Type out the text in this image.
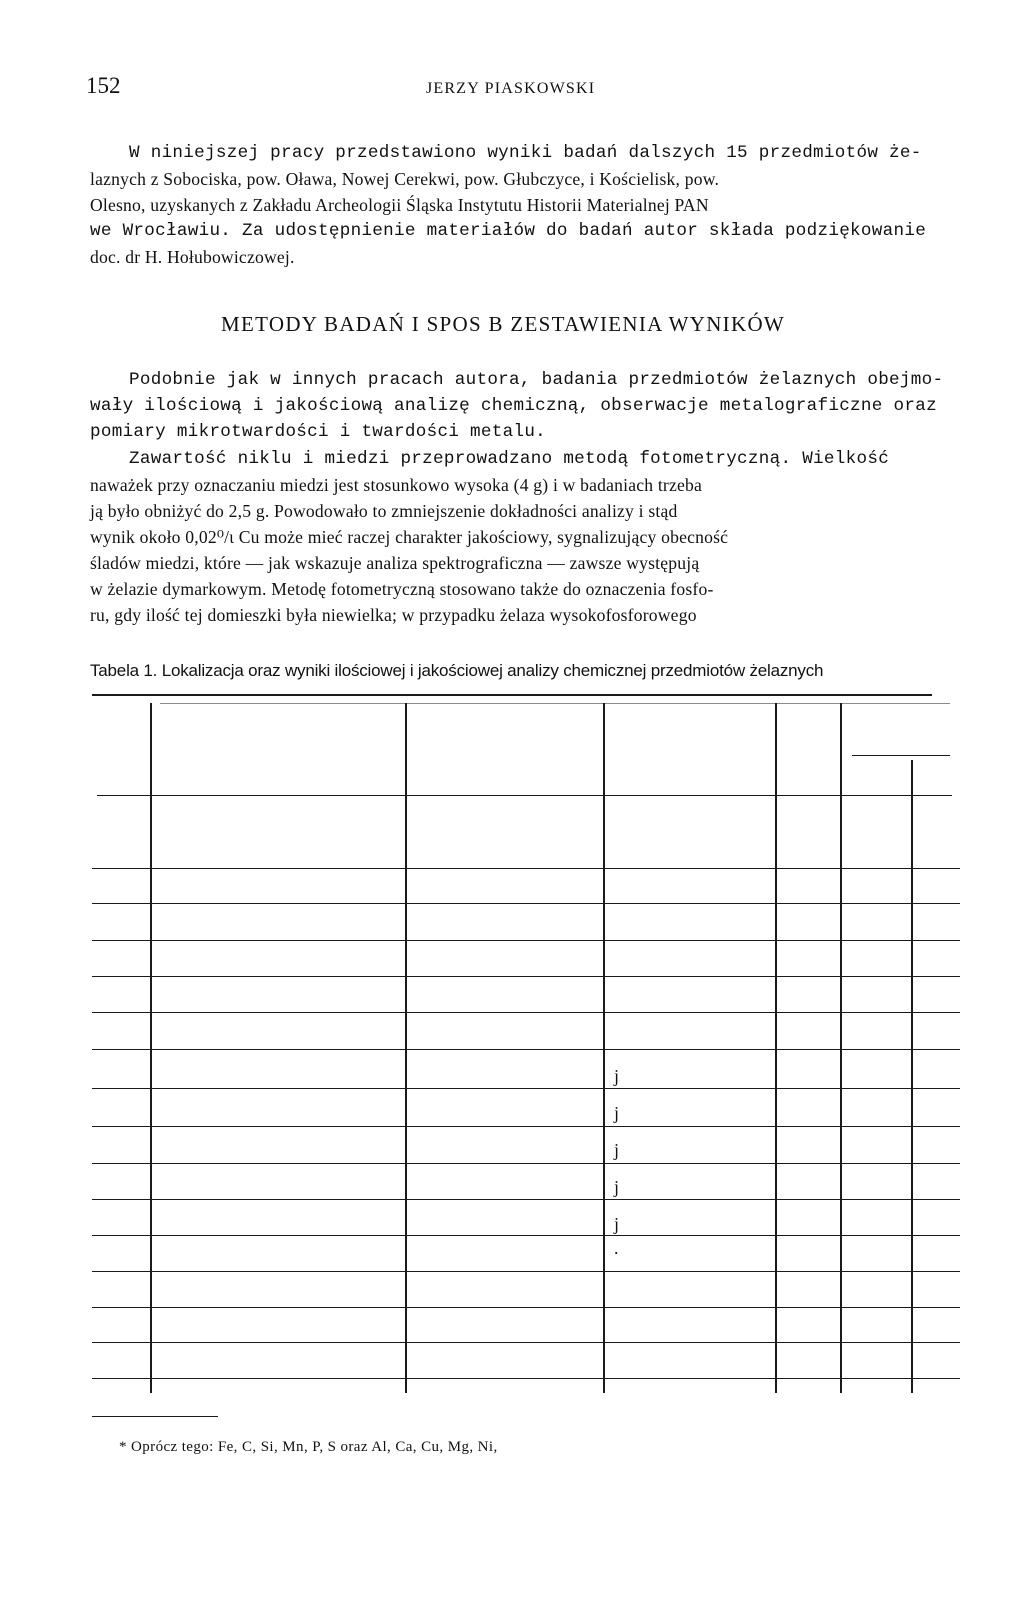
152	JERZY PIASKOWSKI
W niniejszej pracy przedstawiono wyniki badań dalszych 15 przedmiotów że-
laznych z Sobociska, pow. Oława, Nowej Cerekwi, pow. Głubczyce, i Kościelisk, pow.
Olesno, uzyskanych z Zakładu Archeologii Śląska Instytutu Historii Materialnej PAN
we Wrocławiu. Za udostępnienie materiałów do badań autor składa podziękowanie
doc. dr H. Hołubowiczowej.
METODY BADAŃ I SPOS B ZESTAWIENIA WYNIKÓW
Podobnie jak w innych pracach autora, badania przedmiotów żelaznych obejmo-
wały ilościową i jakościową analizę chemiczną, obserwacje metalograficzne oraz
pomiary mikrotwardości i twardości metalu.
Zawartość niklu i miedzi przeprowadzano metodą fotometryczną. Wielkość
naważek przy oznaczaniu miedzi jest stosunkowo wysoka (4 g) i w badaniach trzeba
ją było obniżyć do 2,5 g. Powodowało to zmniejszenie dokładności analizy i stąd
wynik około 0,02⁰/ι Cu może mieć raczej charakter jakościowy, sygnalizujący obecność
śladów miedzi, które — jak wskazuje analiza spektrograficzna — zawsze występują
w żelazie dymarkowym. Metodę fotometryczną stosowano także do oznaczenia fosfo-
ru, gdy ilość tej domieszki była niewielka; w przypadku żelaza wysokofosforowego
Tabela 1. Lokalizacja oraz wyniki ilościowej i jakościowej analizy chemicznej przedmiotów żelaznych
j
j
j
j
j
.
* Oprócz tego: Fe, C, Si, Mn, P, S oraz Al, Ca, Cu, Mg, Ni,
